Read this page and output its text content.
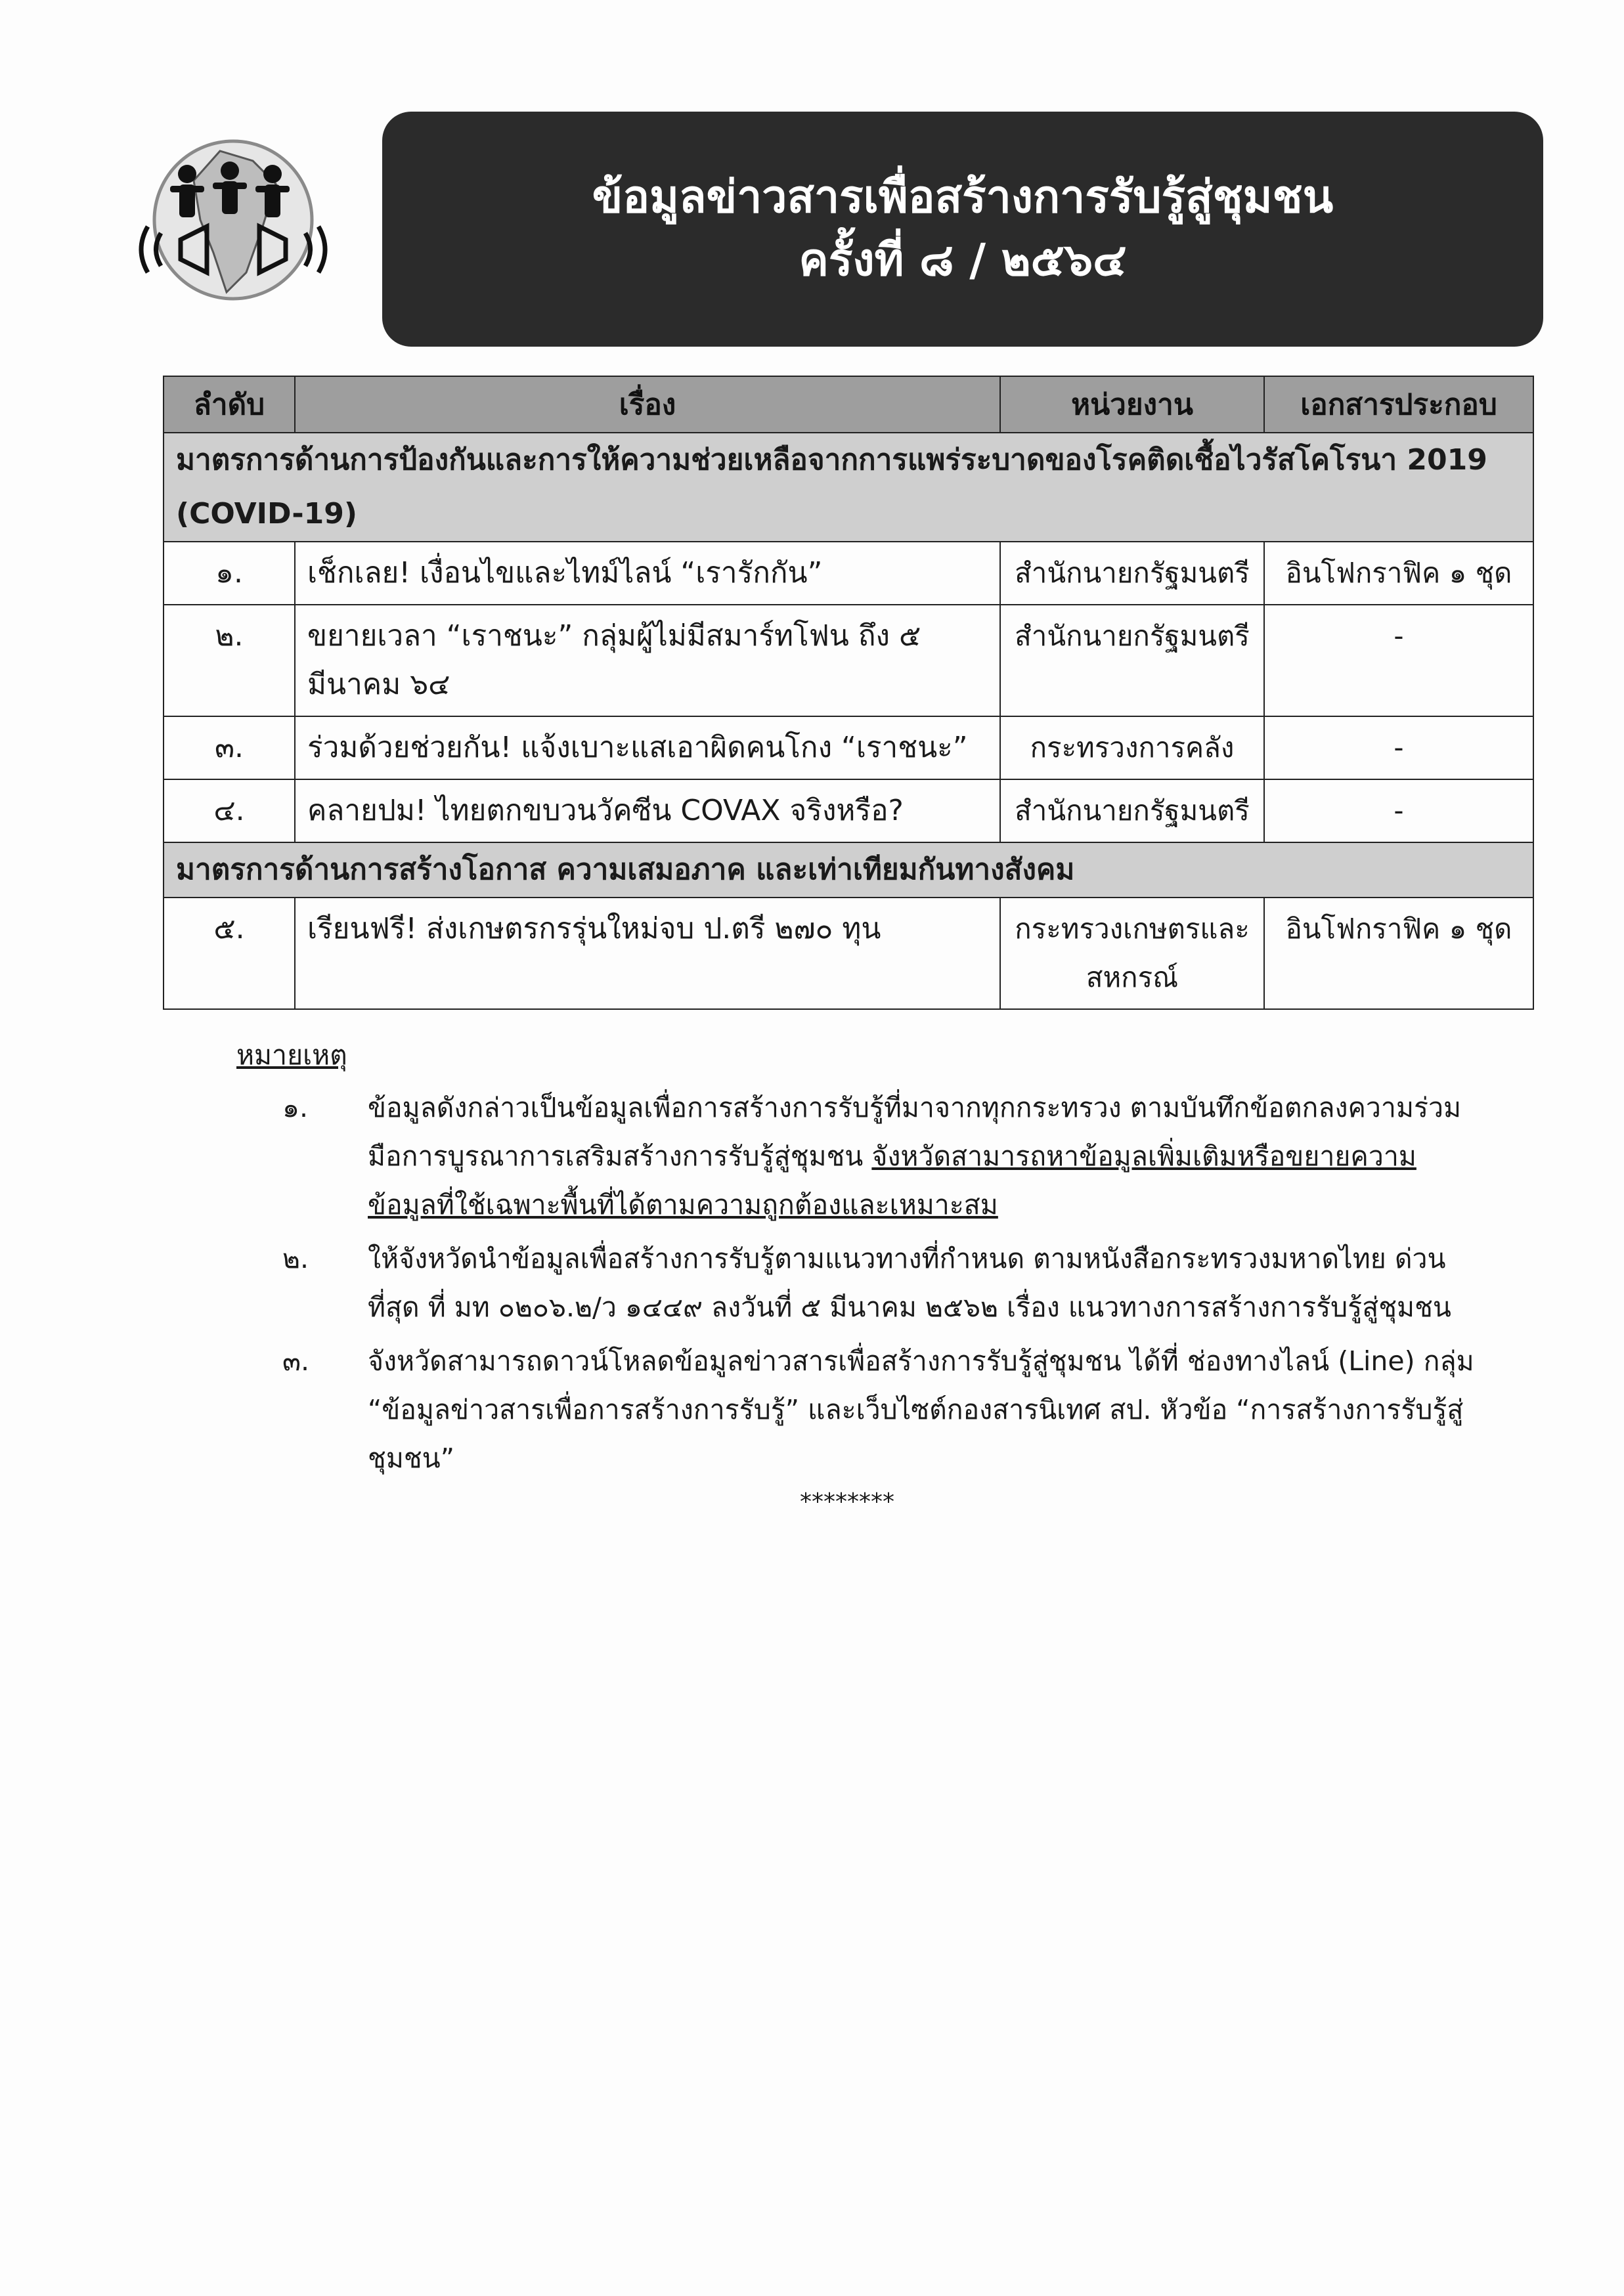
ข้อมูลข่าวสารเพื่อสร้างการรับรู้สู่ชุมชน
ครั้งที่ ๘ / ๒๕๖๔
ลำดับ	เรื่อง	หน่วยงาน	เอกสารประกอบ
มาตรการด้านการป้องกันและการให้ความช่วยเหลือจากการแพร่ระบาดของโรคติดเชื้อไวรัสโคโรนา 2019 (COVID-19)			
๑.	เช็กเลย! เงื่อนไขและไทม์ไลน์ “เรารักกัน”	สำนักนายกรัฐมนตรี	อินโฟกราฟิค ๑ ชุด
๒.	ขยายเวลา “เราชนะ” กลุ่มผู้ไม่มีสมาร์ทโฟน ถึง ๕ มีนาคม ๖๔	สำนักนายกรัฐมนตรี	-
๓.	ร่วมด้วยช่วยกัน! แจ้งเบาะแสเอาผิดคนโกง “เราชนะ”	กระทรวงการคลัง	-
๔.	คลายปม! ไทยตกขบวนวัคซีน COVAX จริงหรือ?	สำนักนายกรัฐมนตรี	-
มาตรการด้านการสร้างโอกาส ความเสมอภาค และเท่าเทียมกันทางสังคม			
๕.	เรียนฟรี! ส่งเกษตรกรรุ่นใหม่จบ ป.ตรี ๒๗๐ ทุน	กระทรวงเกษตรและสหกรณ์	อินโฟกราฟิค ๑ ชุด
หมายเหตุ
๑.	ข้อมูลดังกล่าวเป็นข้อมูลเพื่อการสร้างการรับรู้ที่มาจากทุกกระทรวง ตามบันทึกข้อตกลงความร่วมมือการบูรณาการเสริมสร้างการรับรู้สู่ชุมชน จังหวัดสามารถหาข้อมูลเพิ่มเติมหรือขยายความข้อมูลที่ใช้เฉพาะพื้นที่ได้ตามความถูกต้องและเหมาะสม
๒.	ให้จังหวัดนำข้อมูลเพื่อสร้างการรับรู้ตามแนวทางที่กำหนด ตามหนังสือกระทรวงมหาดไทย ด่วนที่สุด ที่ มท ๐๒๐๖.๒/ว ๑๔๔๙ ลงวันที่ ๕ มีนาคม ๒๕๖๒ เรื่อง แนวทางการสร้างการรับรู้สู่ชุมชน
๓.	จังหวัดสามารถดาวน์โหลดข้อมูลข่าวสารเพื่อสร้างการรับรู้สู่ชุมชน ได้ที่ ช่องทางไลน์ (Line) กลุ่ม “ข้อมูลข่าวสารเพื่อการสร้างการรับรู้” และเว็บไซต์กองสารนิเทศ สป. หัวข้อ “การสร้างการรับรู้สู่ชุมชน”
********
